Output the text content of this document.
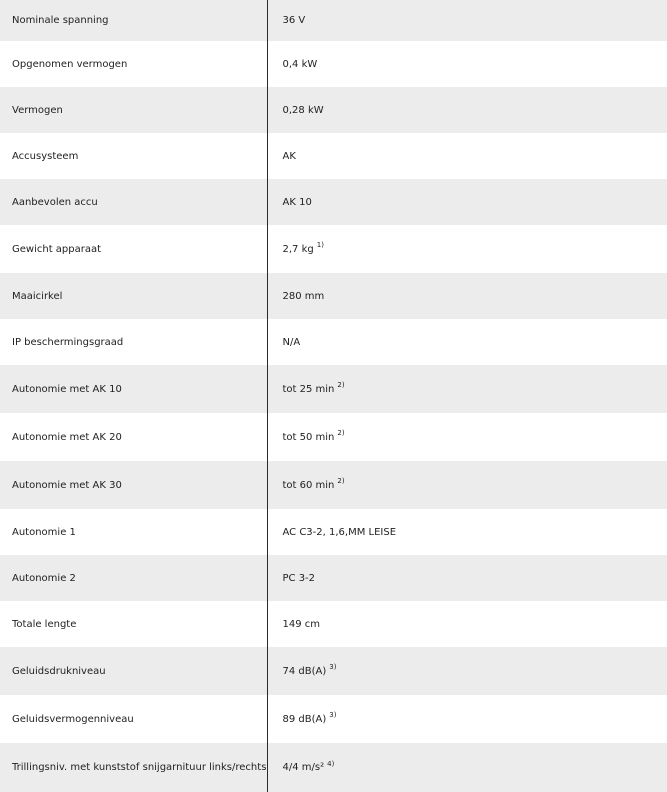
Nominale spanning	36 V
Opgenomen vermogen	0,4 kW
Vermogen	0,28 kW
Accusysteem	AK
Aanbevolen accu	AK 10
Gewicht apparaat	2,7 kg $^{1)}$
Maaicirkel	280 mm
IP beschermingsgraad	N/A
Autonomie met AK 10	tot 25 min $^{2)}$
Autonomie met AK 20	tot 50 min $^{2)}$
Autonomie met AK 30	tot 60 min $^{2)}$
Autonomie 1	AC C3-2, 1,6,MM LEISE
Autonomie 2	PC 3-2
Totale lengte	149 cm
Geluidsdrukniveau	74 dB(A) $^{3)}$
Geluidsvermogenniveau	89 dB(A) $^{3)}$
Trillingsniv. met kunststof snijgarnituur links/rechts	4/4 m/s² $^{4)}$
